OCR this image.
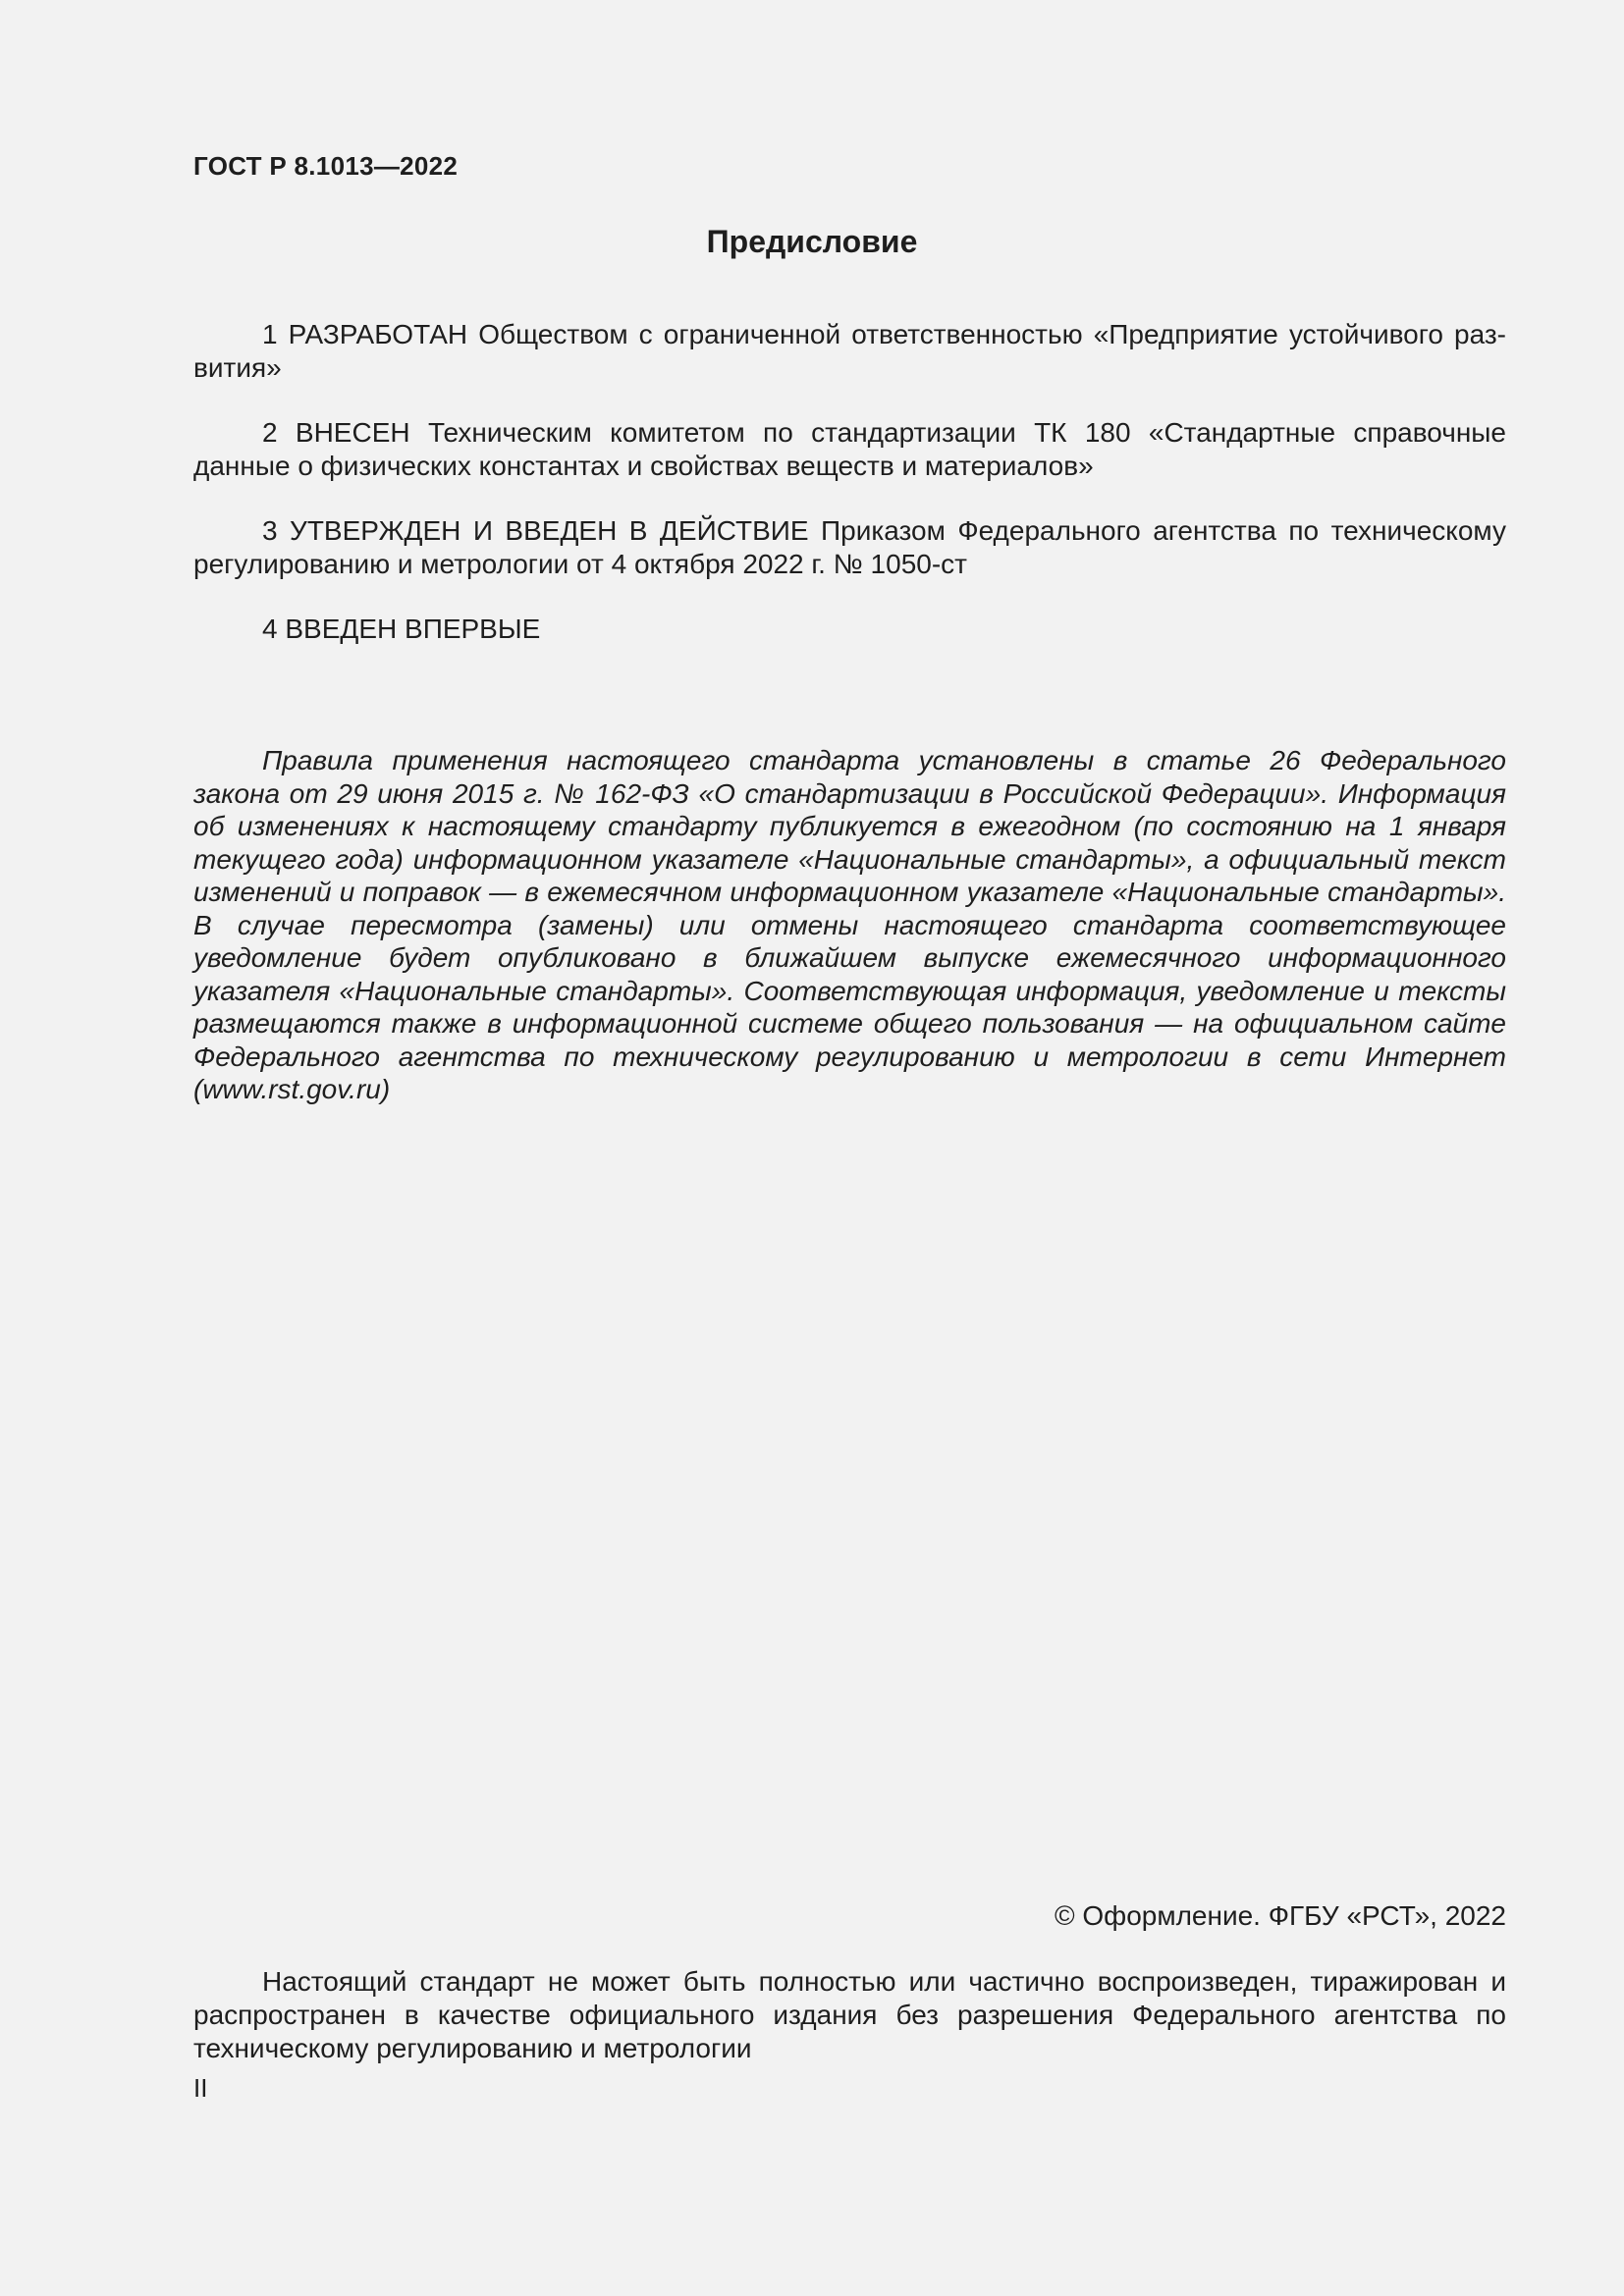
ГОСТ Р 8.1013—2022
Предисловие

1 РАЗРАБОТАН Обществом с ограниченной ответственностью «Предприятие устойчивого развития»

2 ВНЕСЕН Техническим комитетом по стандартизации ТК 180 «Стандартные справочные данные о физических константах и свойствах веществ и материалов»

3 УТВЕРЖДЕН И ВВЕДЕН В ДЕЙСТВИЕ Приказом Федерального агентства по техническому регулированию и метрологии от 4 октября 2022 г. № 1050-ст

4 ВВЕДЕН ВПЕРВЫЕ

Правила применения настоящего стандарта установлены в статье 26 Федерального закона от 29 июня 2015 г. № 162-ФЗ «О стандартизации в Российской Федерации». Информация об изменениях к настоящему стандарту публикуется в ежегодном (по состоянию на 1 января текущего года) информационном указателе «Национальные стандарты», а официальный текст изменений и поправок — в ежемесячном информационном указателе «Национальные стандарты». В случае пересмотра (замены) или отмены настоящего стандарта соответствующее уведомление будет опубликовано в ближайшем выпуске ежемесячного информационного указателя «Национальные стандарты». Соответствующая информация, уведомление и тексты размещаются также в информационной системе общего пользования — на официальном сайте Федерального агентства по техническому регулированию и метрологии в сети Интернет (www.rst.gov.ru)

© Оформление. ФГБУ «РСТ», 2022

Настоящий стандарт не может быть полностью или частично воспроизведен, тиражирован и распространен в качестве официального издания без разрешения Федерального агентства по техническому регулированию и метрологии

II
